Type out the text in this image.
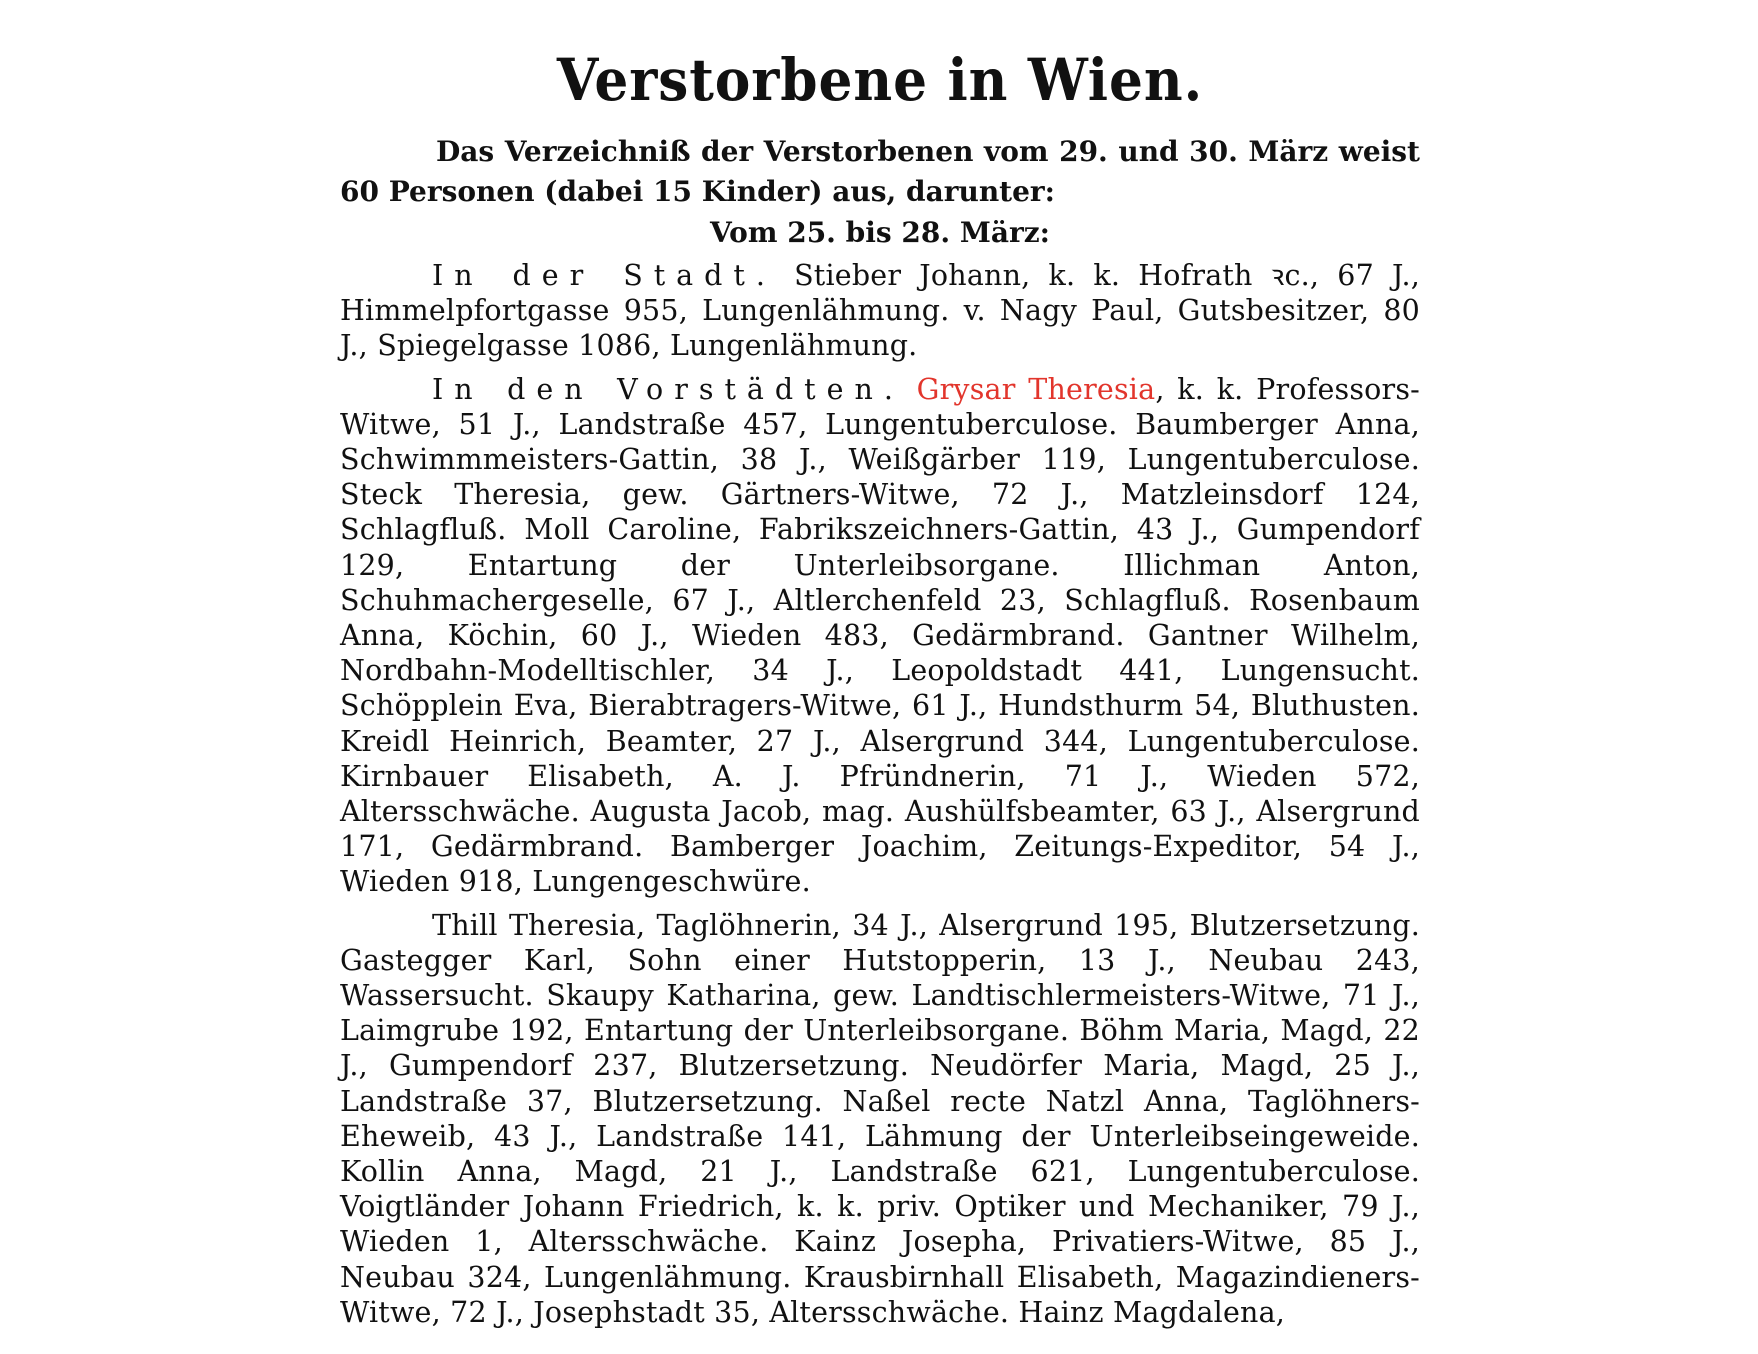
Verstorbene in Wien.

Das Verzeichniß der Verstorbenen vom 29. und 30. März weist 60 Personen (dabei 15 Kinder) aus, darunter:

Vom 25. bis 28. März:

In der Stadt. Stieber Johann, k. k. Hofrath ꝛc., 67 J., Himmelpfortgasse 955, Lungenlähmung. v. Nagy Paul, Gutsbesitzer, 80 J., Spiegelgasse 1086, Lungenlähmung.

In den Vorstädten. Grysar Theresia, k. k. Professors-Witwe, 51 J., Landstraße 457, Lungentuberculose. Baumberger Anna, Schwimmmeisters-Gattin, 38 J., Weißgärber 119, Lungentuberculose. Steck Theresia, gew. Gärtners-Witwe, 72 J., Matzleinsdorf 124, Schlagfluß. Moll Caroline, Fabrikszeichners-Gattin, 43 J., Gumpendorf 129, Entartung der Unterleibsorgane. Illichman Anton, Schuhmachergeselle, 67 J., Altlerchenfeld 23, Schlagfluß. Rosenbaum Anna, Köchin, 60 J., Wieden 483, Gedärmbrand. Gantner Wilhelm, Nordbahn-Modelltischler, 34 J., Leopoldstadt 441, Lungensucht. Schöpplein Eva, Bierabtragers-Witwe, 61 J., Hundsthurm 54, Bluthusten. Kreidl Heinrich, Beamter, 27 J., Alsergrund 344, Lungentuberculose. Kirnbauer Elisabeth, A. J. Pfründnerin, 71 J., Wieden 572, Altersschwäche. Augusta Jacob, mag. Aushülfsbeamter, 63 J., Alsergrund 171, Gedärmbrand. Bamberger Joachim, Zeitungs-Expeditor, 54 J., Wieden 918, Lungengeschwüre.

Thill Theresia, Taglöhnerin, 34 J., Alsergrund 195, Blutzersetzung. Gastegger Karl, Sohn einer Hutstopperin, 13 J., Neubau 243, Wassersucht. Skaupy Katharina, gew. Landtischlermeisters-Witwe, 71 J., Laimgrube 192, Entartung der Unterleibsorgane. Böhm Maria, Magd, 22 J., Gumpendorf 237, Blutzersetzung. Neudörfer Maria, Magd, 25 J., Landstraße 37, Blutzersetzung. Naßel recte Natzl Anna, Taglöhners-Eheweib, 43 J., Landstraße 141, Lähmung der Unterleibseingeweide. Kollin Anna, Magd, 21 J., Landstraße 621, Lungentuberculose. Voigtländer Johann Friedrich, k. k. priv. Optiker und Mechaniker, 79 J., Wieden 1, Altersschwäche. Kainz Josepha, Privatiers-Witwe, 85 J., Neubau 324, Lungenlähmung. Krausbirnhall Elisabeth, Magazindieners-Witwe, 72 J., Josephstadt 35, Altersschwäche. Hainz Magdalena,
